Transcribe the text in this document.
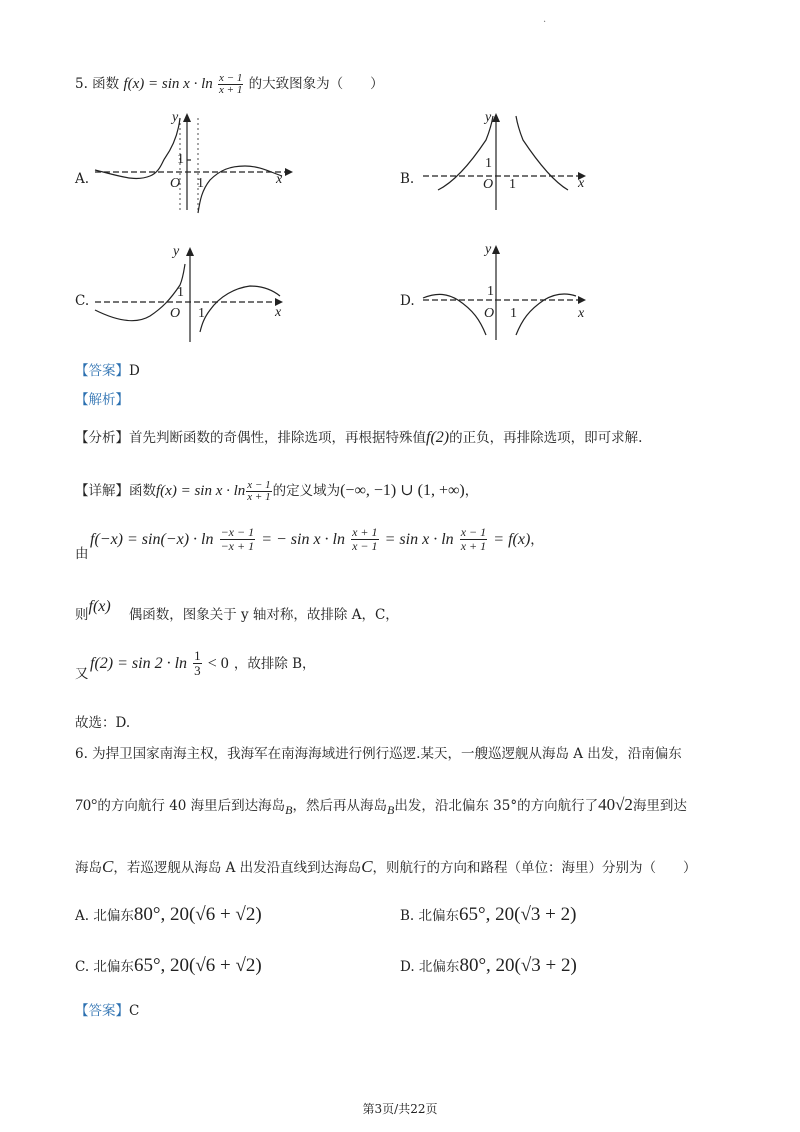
.
5. 函数 $f(x) = \sin x \cdot \ln \frac{x - 1}{x + 1}$ 的大致图象为（　　）
A.
y
x
O 1
1
B.
y
x
O 1
1
C.
y
x
O 1
1
D.
y
x
O 1
1
【答案】D
【解析】
【分析】首先判断函数的奇偶性，排除选项，再根据特殊值f(2)的正负，再排除选项，即可求解.
【详解】函数$f(x) = \sin x \cdot \ln \frac{x - 1}{x + 1}$ 的定义域为(−∞, −1) ∪ (1, +∞)，
由
$f(-x) = \sin(-x) \cdot \ln \frac{-x - 1}{-x + 1}$ = − $\sin x \cdot \ln \frac{x + 1}{x - 1} = \sin x \cdot \ln \frac{x - 1}{x + 1} = f(x)$，
则f(x) 偶函数，图象关于 y 轴对称，故排除 A，C，
又
$f(2) = \sin 2 \cdot \ln \frac{1}{3} < 0$ ，故排除 B，
故选：D.
6. 为捍卫国家南海主权，我海军在南海海域进行例行巡逻.某天，一艘巡逻舰从海岛 A 出发，沿南偏东
70°的方向航行 40 海里后到达海岛B，然后再从海岛B出发，沿北偏东 35°的方向航行了40√2海里到达
海岛C，若巡逻舰从海岛 A 出发沿直线到达海岛C，则航行的方向和路程（单位：海里）分别为（　　）
A. 北偏东80°, 20(√6 + √2)	B. 北偏东65°, 20(√3 + 2)
C. 北偏东65°, 20(√6 + √2)	D. 北偏东80°, 20(√3 + 2)
【答案】C
第3页/共22页
